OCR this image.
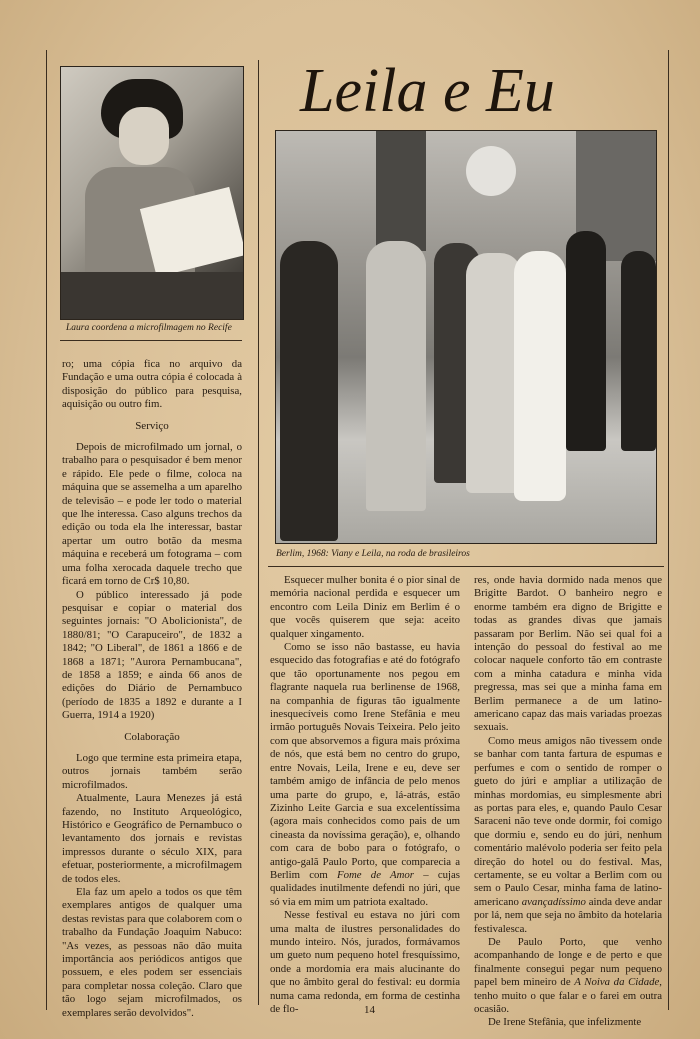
Laura coordena a microfilmagem no Recife
Leila e Eu
Berlim, 1968: Viany e Leila, na roda de brasileiros

ro; uma cópia fica no arquivo da Fundação e uma outra cópia é colocada à disposição do público para pesquisa, aquisição ou outro fim.

Serviço

Depois de microfilmado um jornal, o trabalho para o pesquisador é bem menor e rápido. Ele pede o filme, coloca na máquina que se assemelha a um aparelho de televisão – e pode ler todo o material que lhe interessa. Caso alguns trechos da edição ou toda ela lhe interessar, bastar apertar um outro botão da mesma máquina e receberá um fotograma – com uma folha xerocada daquele trecho que ficará em torno de Cr$ 10,80.

O público interessado já pode pesquisar e copiar o material dos seguintes jornais: "O Abolicionista", de 1880/81; "O Carapuceiro", de 1832 a 1842; "O Liberal", de 1861 a 1866 e de 1868 a 1871; "Aurora Pernambucana", de 1858 a 1859; e ainda 66 anos de edições do Diário de Pernambuco (período de 1835 a 1892 e durante a I Guerra, 1914 a 1920)

Colaboração

Logo que termine esta primeira etapa, outros jornais também serão microfilmados.

Atualmente, Laura Menezes já está fazendo, no Instituto Arqueológico, Histórico e Geográfico de Pernambuco o levantamento dos jornais e revistas impressos durante o século XIX, para efetuar, posteriormente, a microfilmagem de todos eles.

Ela faz um apelo a todos os que têm exemplares antigos de qualquer uma destas revistas para que colaborem com o trabalho da Fundação Joaquim Nabuco: "As vezes, as pessoas não dão muita importância aos periódicos antigos que possuem, e eles podem ser essenciais para completar nossa coleção. Claro que tão logo sejam microfilmados, os exemplares serão devolvidos".

Esquecer mulher bonita é o pior sinal de memória nacional perdida e esquecer um encontro com Leila Diniz em Berlim é o que vocês quiserem que seja: aceito qualquer xingamento.

Como se isso não bastasse, eu havia esquecido das fotografias e até do fotógrafo que tão oportunamente nos pegou em flagrante naquela rua berlinense de 1968, na companhia de figuras tão igualmente inesquecíveis como Irene Stefânia e meu irmão português Novais Teixeira. Pelo jeito com que absorvemos a figura mais próxima de nós, que está bem no centro do grupo, entre Novais, Leila, Irene e eu, deve ser também amigo de infância de pelo menos uma parte do grupo, e, lá-atrás, estão Zizinho Leite Garcia e sua excelentíssima (agora mais conhecidos como pais de um cineasta da novíssima geração), e, olhando com cara de bobo para o fotógrafo, o antigo-galã Paulo Porto, que comparecia a Berlim com Fome de Amor – cujas qualidades inutilmente defendi no júri, que só via em mim um patriota exaltado.

Nesse festival eu estava no júri com uma malta de ilustres personalidades do mundo inteiro. Nós, jurados, formávamos um gueto num pequeno hotel fresquíssimo, onde a mordomia era mais alucinante do que no âmbito geral do festival: eu dormia numa cama redonda, em forma de cestinha de flo-

res, onde havia dormido nada menos que Brigitte Bardot. O banheiro negro e enorme também era digno de Brigitte e todas as grandes divas que jamais passaram por Berlim. Não sei qual foi a intenção do pessoal do festival ao me colocar naquele conforto tão em contraste com a minha catadura e minha vida pregressa, mas sei que a minha fama em Berlim permanece a de um latino-americano capaz das mais variadas proezas sexuais.

Como meus amigos não tivessem onde se banhar com tanta fartura de espumas e perfumes e com o sentido de romper o gueto do júri e ampliar a utilização de minhas mordomias, eu simplesmente abri as portas para eles, e, quando Paulo Cesar Saraceni não teve onde dormir, foi comigo que dormiu e, sendo eu do júri, nenhum comentário malévolo poderia ser feito pela direção do hotel ou do festival. Mas, certamente, se eu voltar a Berlim com ou sem o Paulo Cesar, minha fama de latino-americano avançadíssimo ainda deve andar por lá, nem que seja no âmbito da hotelaria festivalesca.

De Paulo Porto, que venho acompanhando de longe e de perto e que finalmente consegui pegar num pequeno papel bem mineiro de A Noiva da Cidade, tenho muito o que falar e o farei em outra ocasião.

De Irene Stefânia, que infelizmente

14
